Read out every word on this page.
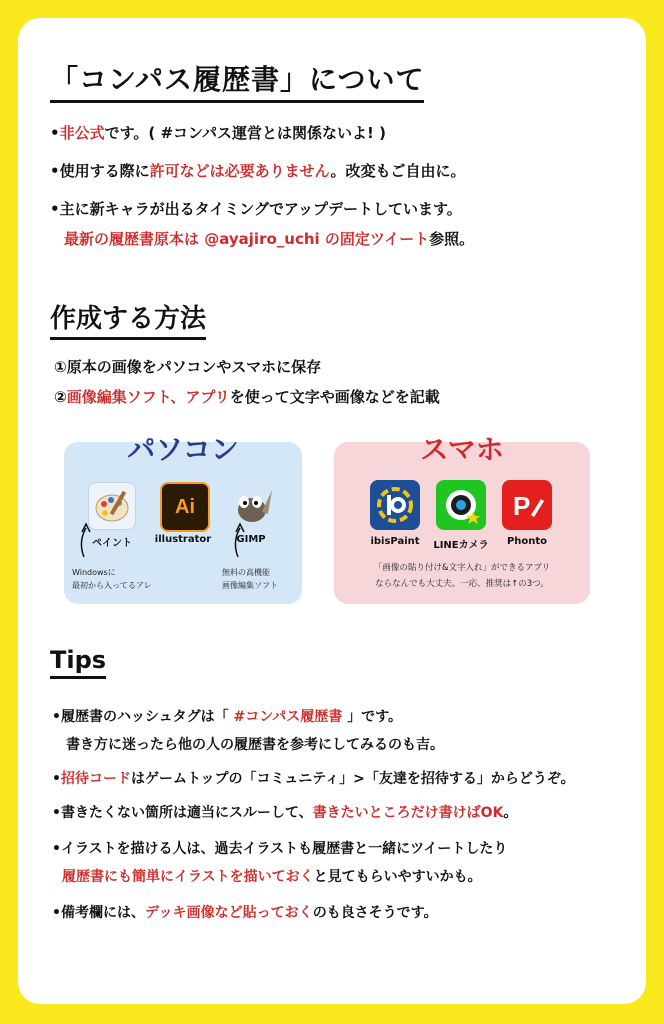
「コンパス履歴書」について
•非公式です。( #コンパス運営とは関係ないよ! )
•使用する際に許可などは必要ありません。改変もご自由に。
•主に新キャラが出るタイミングでアップデートしています。
最新の履歴書原本は @ayajiro_uchi の固定ツイート参照。
作成する方法
①原本の画像をパソコンやスマホに保存
②画像編集ソフト、アプリを使って文字や画像などを記載
パソコン
ペイント
Ai
illustrator	GIMP
Windowsに
最初から入ってるアレ
無料の高機能
画像編集ソフト
スマホ
ibisPaint	LINEカメラ
P
Phonto
「画像の貼り付け&文字入れ」ができるアプリ
ならなんでも大丈夫。一応、推奨は↑の3つ。
Tips
•履歴書のハッシュタグは「 #コンパス履歴書 」です。
書き方に迷ったら他の人の履歴書を参考にしてみるのも吉。
•招待コードはゲームトップの「コミュニティ」>「友達を招待する」からどうぞ。
•書きたくない箇所は適当にスルーして、書きたいところだけ書けばOK。
•イラストを描ける人は、過去イラストも履歴書と一緒にツイートしたり
履歴書にも簡単にイラストを描いておくと見てもらいやすいかも。
•備考欄には、デッキ画像など貼っておくのも良さそうです。
